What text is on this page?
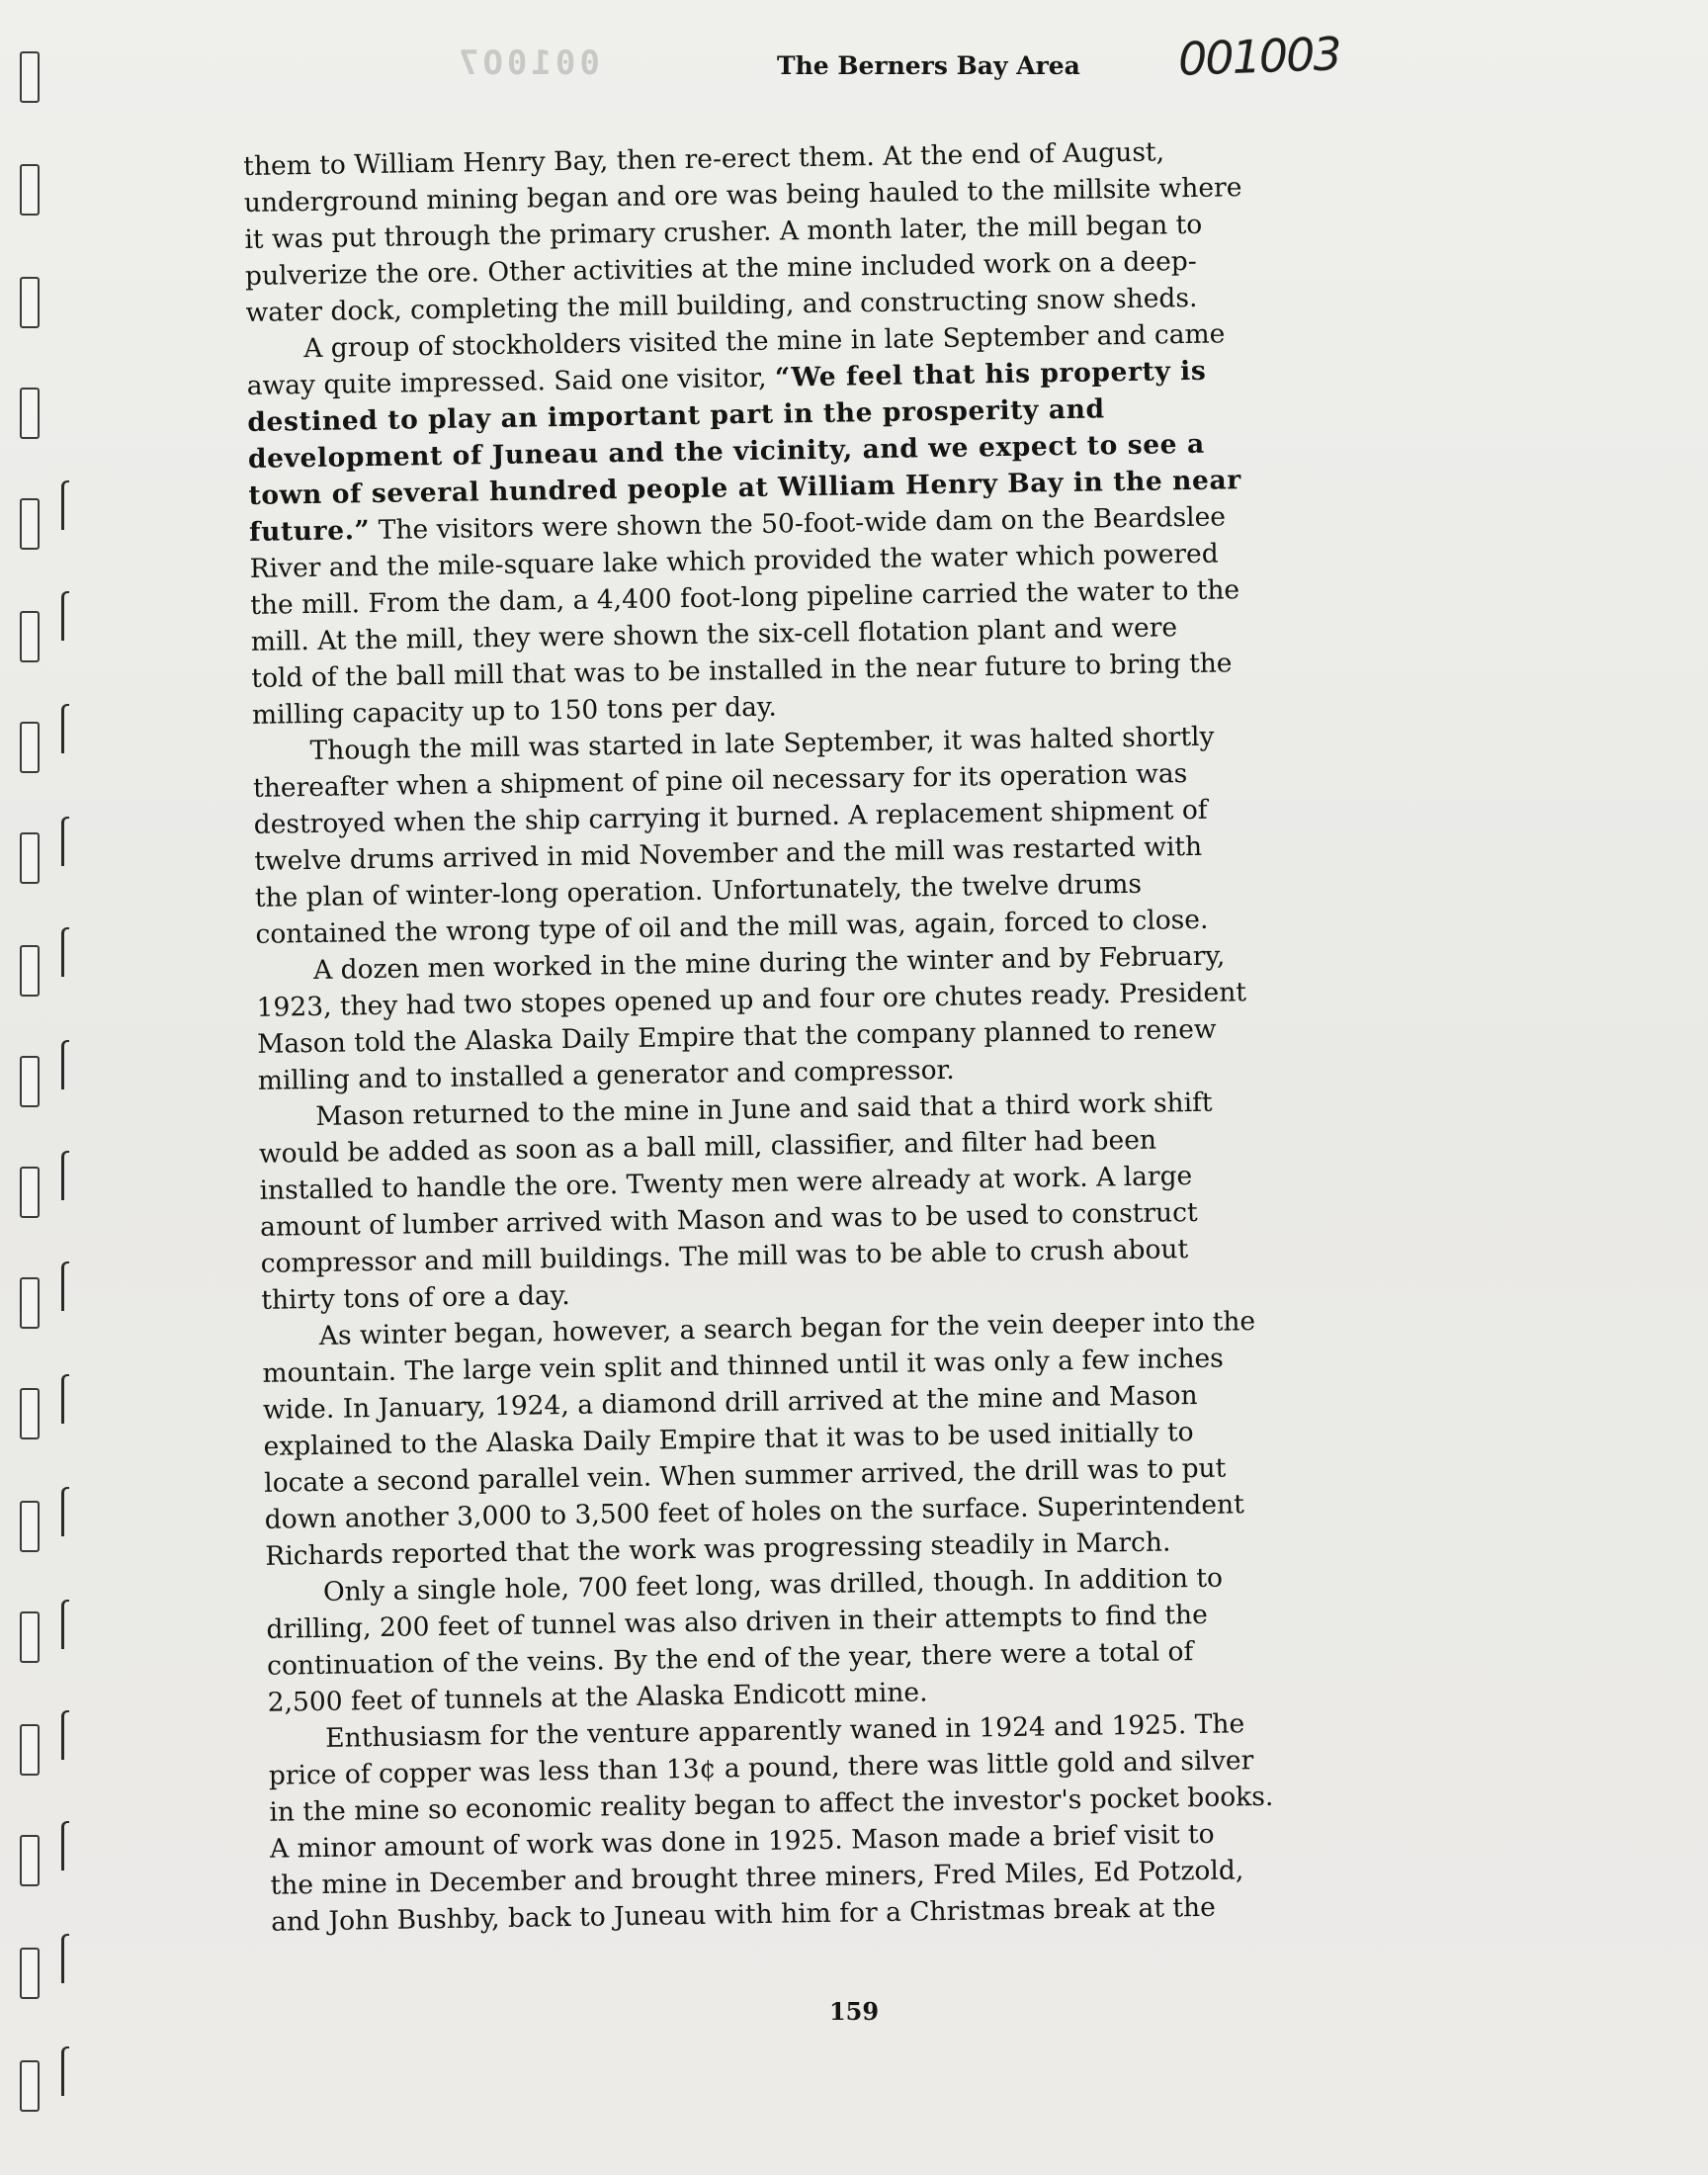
0010O7	The Berners Bay Area 001003
them to William Henry Bay, then re-erect them. At the end of August,
underground mining began and ore was being hauled to the millsite where
it was put through the primary crusher. A month later, the mill began to
pulverize the ore. Other activities at the mine included work on a deep-
water dock, completing the mill building, and constructing snow sheds.
A group of stockholders visited the mine in late September and came
away quite impressed. Said one visitor, “We feel that his property is
destined to play an important part in the prosperity and
development of Juneau and the vicinity, and we expect to see a
town of several hundred people at William Henry Bay in the near
future.” The visitors were shown the 50-foot-wide dam on the Beardslee
River and the mile-square lake which provided the water which powered
the mill. From the dam, a 4,400 foot-long pipeline carried the water to the
mill. At the mill, they were shown the six-cell flotation plant and were
told of the ball mill that was to be installed in the near future to bring the
milling capacity up to 150 tons per day.
Though the mill was started in late September, it was halted shortly
thereafter when a shipment of pine oil necessary for its operation was
destroyed when the ship carrying it burned. A replacement shipment of
twelve drums arrived in mid November and the mill was restarted with
the plan of winter-long operation. Unfortunately, the twelve drums
contained the wrong type of oil and the mill was, again, forced to close.
A dozen men worked in the mine during the winter and by February,
1923, they had two stopes opened up and four ore chutes ready. President
Mason told the Alaska Daily Empire that the company planned to renew
milling and to installed a generator and compressor.
Mason returned to the mine in June and said that a third work shift
would be added as soon as a ball mill, classifier, and filter had been
installed to handle the ore. Twenty men were already at work. A large
amount of lumber arrived with Mason and was to be used to construct
compressor and mill buildings. The mill was to be able to crush about
thirty tons of ore a day.
As winter began, however, a search began for the vein deeper into the
mountain. The large vein split and thinned until it was only a few inches
wide. In January, 1924, a diamond drill arrived at the mine and Mason
explained to the Alaska Daily Empire that it was to be used initially to
locate a second parallel vein. When summer arrived, the drill was to put
down another 3,000 to 3,500 feet of holes on the surface. Superintendent
Richards reported that the work was progressing steadily in March.
Only a single hole, 700 feet long, was drilled, though. In addition to
drilling, 200 feet of tunnel was also driven in their attempts to find the
continuation of the veins. By the end of the year, there were a total of
2,500 feet of tunnels at the Alaska Endicott mine.
Enthusiasm for the venture apparently waned in 1924 and 1925. The
price of copper was less than 13¢ a pound, there was little gold and silver
in the mine so economic reality began to affect the investor's pocket books.
A minor amount of work was done in 1925. Mason made a brief visit to
the mine in December and brought three miners, Fred Miles, Ed Potzold,
and John Bushby, back to Juneau with him for a Christmas break at the
159
